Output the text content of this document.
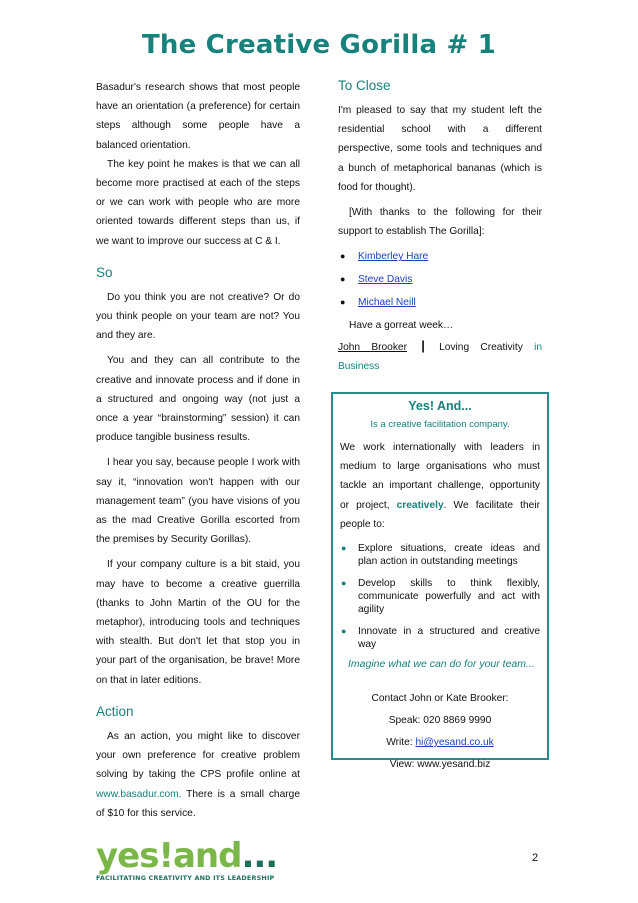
The Creative Gorilla # 1

Basadur's research shows that most people have an orientation (a preference) for certain steps although some people have a balanced orientation.

The key point he makes is that we can all become more practised at each of the steps or we can work with people who are more oriented towards different steps than us, if we want to improve our success at C & I.

So

Do you think you are not creative? Or do you think people on your team are not? You and they are.

You and they can all contribute to the creative and innovate process and if done in a structured and ongoing way (not just a once a year “brainstorming” session) it can produce tangible business results.

I hear you say, because people I work with say it, “innovation won't happen with our management team” (you have visions of you as the mad Creative Gorilla escorted from the premises by Security Gorillas).

If your company culture is a bit staid, you may have to become a creative guerrilla (thanks to John Martin of the OU for the metaphor), introducing tools and techniques with stealth. But don't let that stop you in your part of the organisation, be brave! More on that in later editions.

Action

As an action, you might like to discover your own preference for creative problem solving by taking the CPS profile online at www.basadur.com. There is a small charge of $10 for this service.

To Close

I'm pleased to say that my student left the residential school with a different perspective, some tools and techniques and a bunch of metaphorical bananas (which is food for thought).

[With thanks to the following for their support to establish The Gorilla]:

● Kimberley Hare
● Steve Davis
● Michael Neill

Have a gorreat week…

John Brooker | Loving Creativity in Business

Yes! And...
Is a creative facilitation company.

We work internationally with leaders in medium to large organisations who must tackle an important challenge, opportunity or project, creatively. We facilitate their people to:

● Explore situations, create ideas and plan action in outstanding meetings
● Develop skills to think flexibly, communicate powerfully and act with agility
● Innovate in a structured and creative way
Imagine what we can do for your team...
Contact John or Kate Brooker:
Speak: 020 8869 9990
Write: hi@yesand.co.uk
View: www.yesand.biz
yes!and...
FACILITATING CREATIVITY AND ITS LEADERSHIP
2
